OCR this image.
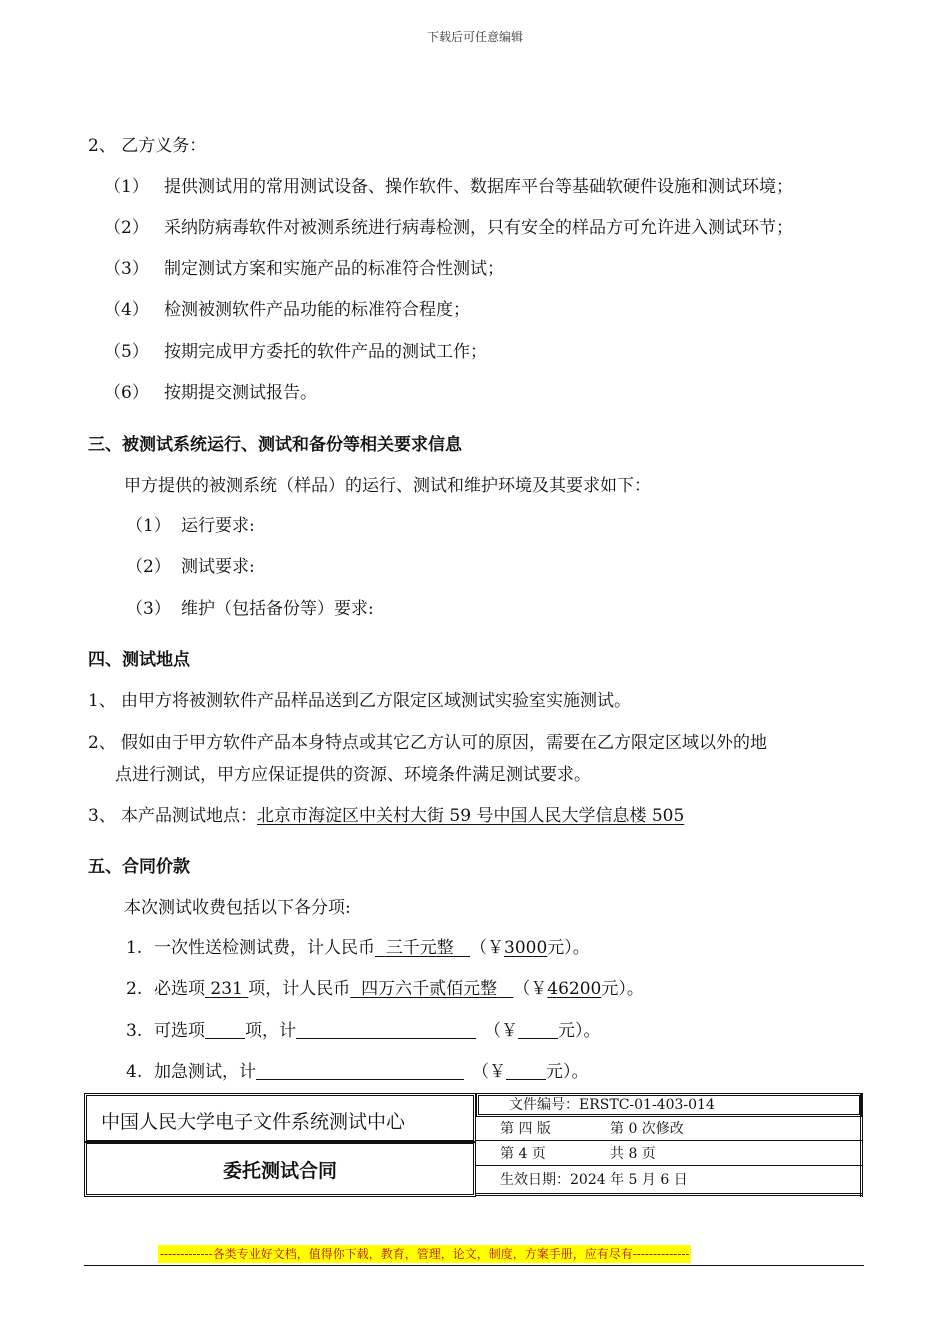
下载后可任意编辑
2、 乙方义务：
（1） 提供测试用的常用测试设备、操作软件、数据库平台等基础软硬件设施和测试环境；
（2） 采纳防病毒软件对被测系统进行病毒检测，只有安全的样品方可允许进入测试环节；
（3） 制定测试方案和实施产品的标准符合性测试；
（4） 检测被测软件产品功能的标准符合程度；
（5） 按期完成甲方委托的软件产品的测试工作；
（6） 按期提交测试报告。
三、被测试系统运行、测试和备份等相关要求信息
甲方提供的被测系统（样品）的运行、测试和维护环境及其要求如下：
（1） 运行要求:
（2） 测试要求:
（3） 维护（包括备份等）要求:
四、测试地点
1、 由甲方将被测软件产品样品送到乙方限定区域测试实验室实施测试。
2、 假如由于甲方软件产品本身特点或其它乙方认可的原因，需要在乙方限定区域以外的地
点进行测试，甲方应保证提供的资源、环境条件满足测试要求。
3、 本产品测试地点：北京市海淀区中关村大街 59 号中国人民大学信息楼 505
五、合同价款
本次测试收费包括以下各分项:
1. 一次性送检测试费，计人民币 三千元整 （￥3000元）。
2. 必选项 231 项，计人民币 四万六千贰佰元整 （￥46200元）。
3. 可选项 项，计	（￥ 元）。
4. 加急测试，计	（￥ 元）。
中国人民大学电子文件系统测试中心
委托测试合同
文件编号：ERSTC-01-403-014
第 四 版	第 0 次修改
第 4 页	共 8 页
生效日期：2024 年 5 月 6 日
-------------各类专业好文档，值得你下载，教育，管理，论文，制度，方案手册，应有尽有--------------
